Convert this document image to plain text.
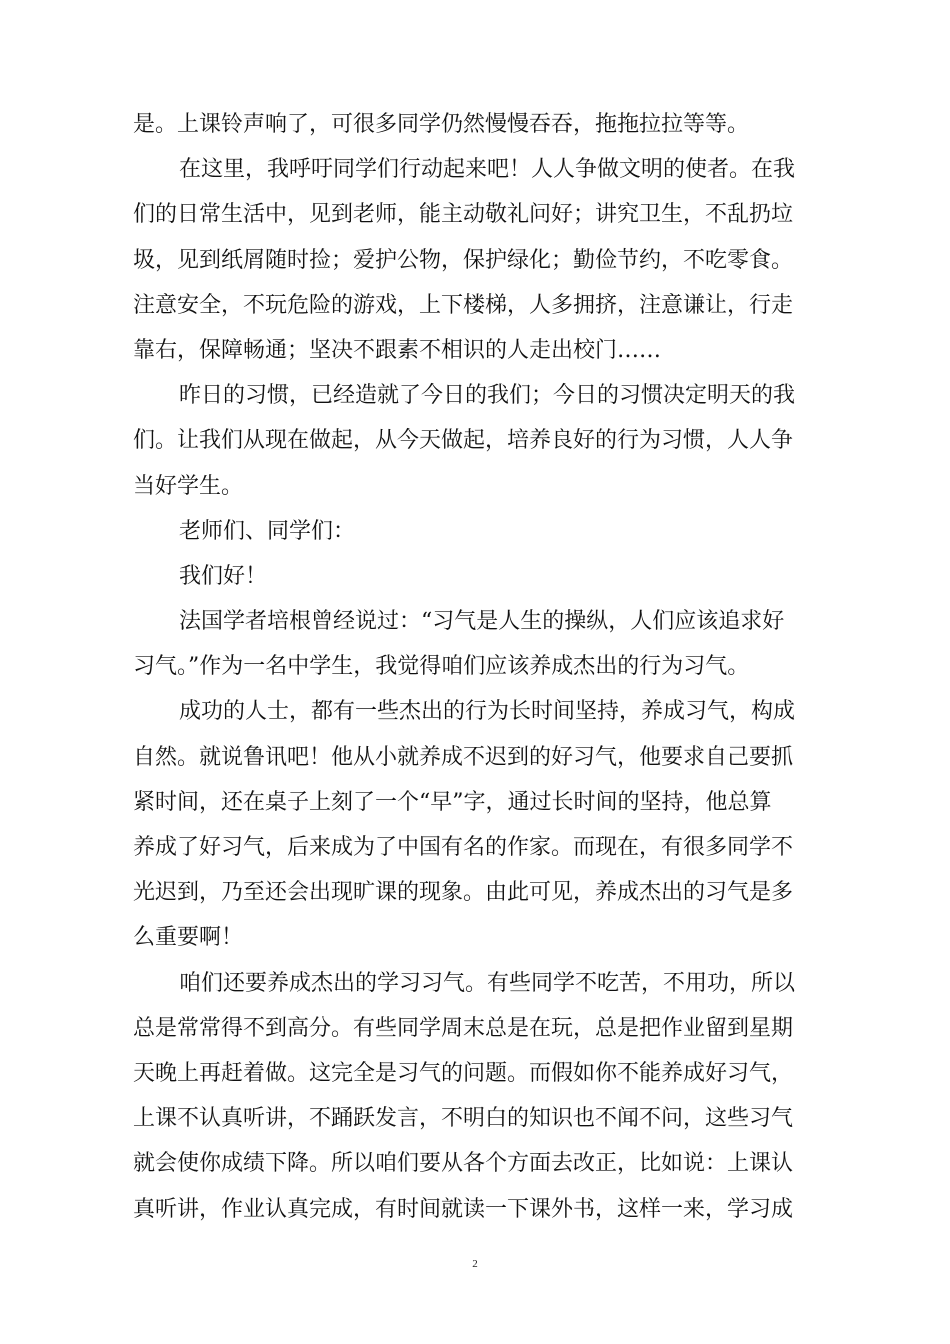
是。上课铃声响了，可很多同学仍然慢慢吞吞，拖拖拉拉等等。
在这里，我呼吁同学们行动起来吧！人人争做文明的使者。在我
们的日常生活中，见到老师，能主动敬礼问好；讲究卫生，不乱扔垃
圾，见到纸屑随时捡；爱护公物，保护绿化；勤俭节约，不吃零食。
注意安全，不玩危险的游戏，上下楼梯，人多拥挤，注意谦让，行走
靠右，保障畅通；坚决不跟素不相识的人走出校门……
昨日的习惯，已经造就了今日的我们；今日的习惯决定明天的我
们。让我们从现在做起，从今天做起，培养良好的行为习惯，人人争
当好学生。
老师们、同学们：
我们好！
法国学者培根曾经说过：“习气是人生的操纵，人们应该追求好
习气。”作为一名中学生，我觉得咱们应该养成杰出的行为习气。
成功的人士，都有一些杰出的行为长时间坚持，养成习气，构成
自然。就说鲁讯吧！他从小就养成不迟到的好习气，他要求自己要抓
紧时间，还在桌子上刻了一个“早”字，通过长时间的坚持，他总算
养成了好习气，后来成为了中国有名的作家。而现在，有很多同学不
光迟到，乃至还会出现旷课的现象。由此可见，养成杰出的习气是多
么重要啊！
咱们还要养成杰出的学习习气。有些同学不吃苦，不用功，所以
总是常常得不到高分。有些同学周末总是在玩，总是把作业留到星期
天晚上再赶着做。这完全是习气的问题。而假如你不能养成好习气，
上课不认真听讲，不踊跃发言，不明白的知识也不闻不问，这些习气
就会使你成绩下降。所以咱们要从各个方面去改正，比如说：上课认
真听讲，作业认真完成，有时间就读一下课外书，这样一来，学习成
2
